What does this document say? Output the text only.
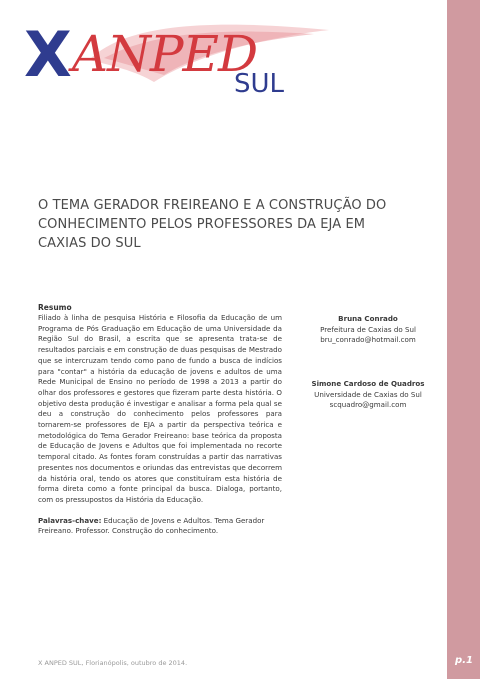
p.1
X ANPED
SUL
O TEMA GERADOR FREIREANO E A CONSTRUÇÃO DO CONHECIMENTO PELOS PROFESSORES DA EJA EM CAXIAS DO SUL
Resumo

Filiado à linha de pesquisa História e Filosofia da Educação de um Programa de Pós Graduação em Educação de uma Universidade da Região Sul do Brasil, a escrita que se apresenta trata-se de resultados parciais e em construção de duas pesquisas de Mestrado que se intercruzam tendo como pano de fundo a busca de indícios para "contar" a história da educação de jovens e adultos de uma Rede Municipal de Ensino no período de 1998 a 2013 a partir do olhar dos professores e gestores que fizeram parte desta história. O objetivo desta produção é investigar e analisar a forma pela qual se deu a construção do conhecimento pelos professores para tornarem-se professores de EJA a partir da perspectiva teórica e metodológica do Tema Gerador Freireano: base teórica da proposta de Educação de Jovens e Adultos que foi implementada no recorte temporal citado. As fontes foram construídas a partir das narrativas presentes nos documentos e oriundas das entrevistas que decorrem da história oral, tendo os atores que constituíram esta história de forma direta como a fonte principal da busca. Dialoga, portanto, com os pressupostos da História da Educação.

Palavras-chave: Educação de Jovens e Adultos. Tema Gerador Freireano. Professor. Construção do conhecimento.
Bruna Conrado
Prefeitura de Caxias do Sul
bru_conrado@hotmail.com
Simone Cardoso de Quadros
Universidade de Caxias do Sul
scquadro@gmail.com
X ANPED SUL, Florianópolis, outubro de 2014.
